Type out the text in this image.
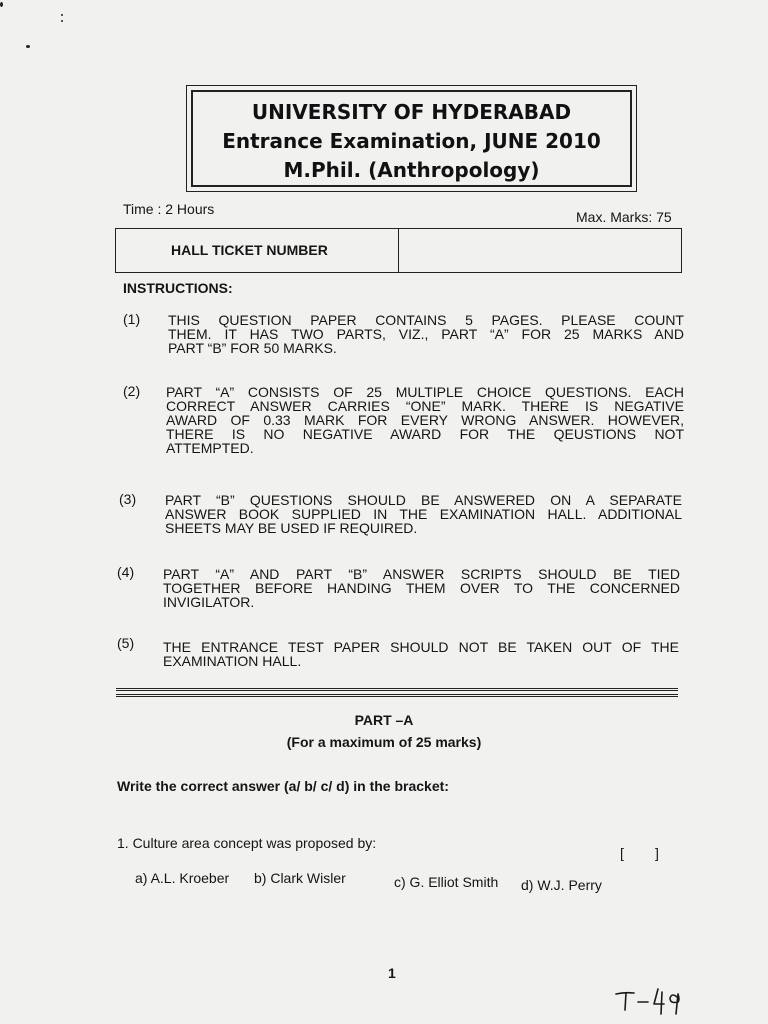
UNIVERSITY OF HYDERABAD
Entrance Examination, JUNE 2010
M.Phil. (Anthropology)
Time : 2 Hours	Max. Marks: 75
HALL TICKET NUMBER
INSTRUCTIONS:
(1) THIS QUESTION PAPER CONTAINS 5 PAGES. PLEASE COUNT
THEM. IT HAS TWO PARTS, VIZ., PART “A” FOR 25 MARKS AND
PART “B” FOR 50 MARKS.
(2) PART “A” CONSISTS OF 25 MULTIPLE CHOICE QUESTIONS. EACH
CORRECT ANSWER CARRIES “ONE” MARK. THERE IS NEGATIVE
AWARD OF 0.33 MARK FOR EVERY WRONG ANSWER. HOWEVER,
THERE IS NO NEGATIVE AWARD FOR THE QEUSTIONS NOT
ATTEMPTED.
(3) PART “B” QUESTIONS SHOULD BE ANSWERED ON A SEPARATE
ANSWER BOOK SUPPLIED IN THE EXAMINATION HALL. ADDITIONAL
SHEETS MAY BE USED IF REQUIRED.
(4) PART “A” AND PART “B” ANSWER SCRIPTS SHOULD BE TIED
TOGETHER BEFORE HANDING THEM OVER TO THE CONCERNED
INVIGILATOR.
(5) THE ENTRANCE TEST PAPER SHOULD NOT BE TAKEN OUT OF THE
EXAMINATION HALL.
PART –A
(For a maximum of 25 marks)
Write the correct answer (a/ b/ c/ d) in the bracket:
1. Culture area concept was proposed by:
[        ]
a) A.L. Kroeber b) Clark Wisler	c) G. Elliot Smith d) W.J. Perry
1
